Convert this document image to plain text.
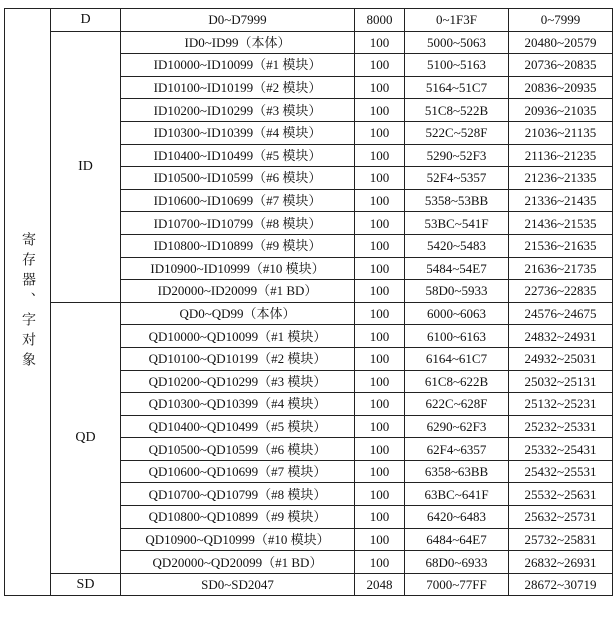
寄存器、字对象	D	D0~D7999	8000	0~1F3F	0~7999
	ID	ID0~ID99（本体）	100	5000~5063	20480~20579
		ID10000~ID10099（#1 模块）	100	5100~5163	20736~20835
		ID10100~ID10199（#2 模块）	100	5164~51C7	20836~20935
		ID10200~ID10299（#3 模块）	100	51C8~522B	20936~21035
		ID10300~ID10399（#4 模块）	100	522C~528F	21036~21135
		ID10400~ID10499（#5 模块）	100	5290~52F3	21136~21235
		ID10500~ID10599（#6 模块）	100	52F4~5357	21236~21335
		ID10600~ID10699（#7 模块）	100	5358~53BB	21336~21435
		ID10700~ID10799（#8 模块）	100	53BC~541F	21436~21535
		ID10800~ID10899（#9 模块）	100	5420~5483	21536~21635
		ID10900~ID10999（#10 模块）	100	5484~54E7	21636~21735
		ID20000~ID20099（#1 BD）	100	58D0~5933	22736~22835
	QD	QD0~QD99（本体）	100	6000~6063	24576~24675
		QD10000~QD10099（#1 模块）	100	6100~6163	24832~24931
		QD10100~QD10199（#2 模块）	100	6164~61C7	24932~25031
		QD10200~QD10299（#3 模块）	100	61C8~622B	25032~25131
		QD10300~QD10399（#4 模块）	100	622C~628F	25132~25231
		QD10400~QD10499（#5 模块）	100	6290~62F3	25232~25331
		QD10500~QD10599（#6 模块）	100	62F4~6357	25332~25431
		QD10600~QD10699（#7 模块）	100	6358~63BB	25432~25531
		QD10700~QD10799（#8 模块）	100	63BC~641F	25532~25631
		QD10800~QD10899（#9 模块）	100	6420~6483	25632~25731
		QD10900~QD10999（#10 模块）	100	6484~64E7	25732~25831
		QD20000~QD20099（#1 BD）	100	68D0~6933	26832~26931
	SD	SD0~SD2047	2048	7000~77FF	28672~30719
